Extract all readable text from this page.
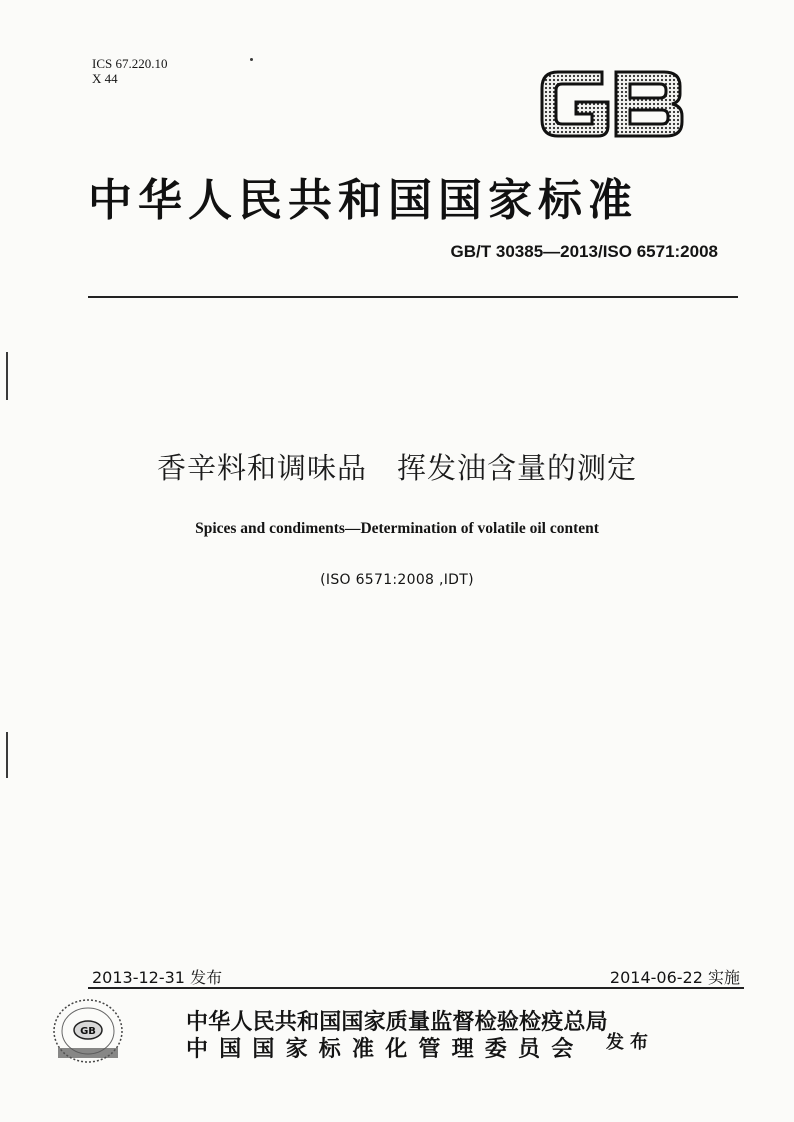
ICS 67.220.10
X 44
中华人民共和国国家标准
GB/T 30385—2013/ISO 6571:2008
香辛料和调味品　挥发油含量的测定
Spices and condiments—Determination of volatile oil content
(ISO 6571:2008 ,IDT)
2013-12-31 发布	2014-06-22 实施
GB	中华人民共和国国家质量监督检验检疫总局
中国国家标准化管理委员会	发布
